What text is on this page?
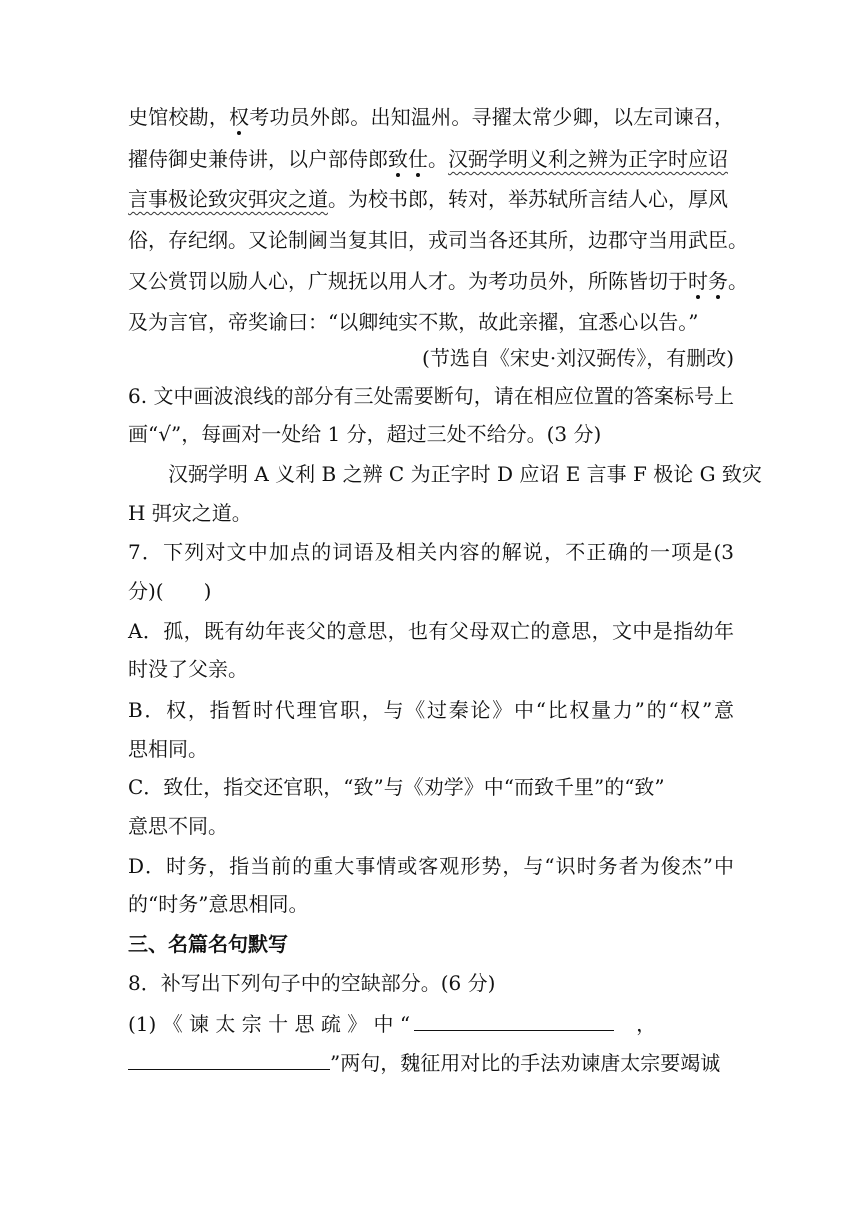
史馆校勘，权考功员外郎。出知温州。寻擢太常少卿，以左司谏召，
擢侍御史兼侍讲，以户部侍郎致仕。汉弼学明义利之辨为正字时应诏
言事极论致灾弭灾之道。为校书郎，转对，举苏轼所言结人心，厚风
俗，存纪纲。又论制阃当复其旧，戎司当各还其所，边郡守当用武臣。
又公赏罚以励人心，广规抚以用人才。为考功员外，所陈皆切于时务。
及为言官，帝奖谕曰：“以卿纯实不欺，故此亲擢，宜悉心以告。”
(节选自《宋史·刘汉弼传》，有删改)
6. 文中画波浪线的部分有三处需要断句，请在相应位置的答案标号上
画“√”，每画对一处给 1 分，超过三处不给分。(3 分)
汉弼学明 A 义利 B 之辨 C 为正字时 D 应诏 E 言事 F 极论 G 致灾
H 弭灾之道。
7．下列对文中加点的词语及相关内容的解说，不正确的一项是(3
分)(　　)
A．孤，既有幼年丧父的意思，也有父母双亡的意思，文中是指幼年
时没了父亲。
B．权，指暂时代理官职，与《过秦论》中“比权量力”的“权”意
思相同。
C．致仕，指交还官职，“致”与《劝学》中“而致千里”的“致”
意思不同。
D．时务，指当前的重大事情或客观形势，与“识时务者为俊杰”中
的“时务”意思相同。
三、名篇名句默写
8．补写出下列句子中的空缺部分。(6 分)
(1) 《 谏 太 宗 十 思 疏 》 中 “	，
”两句，魏征用对比的手法劝谏唐太宗要竭诚
